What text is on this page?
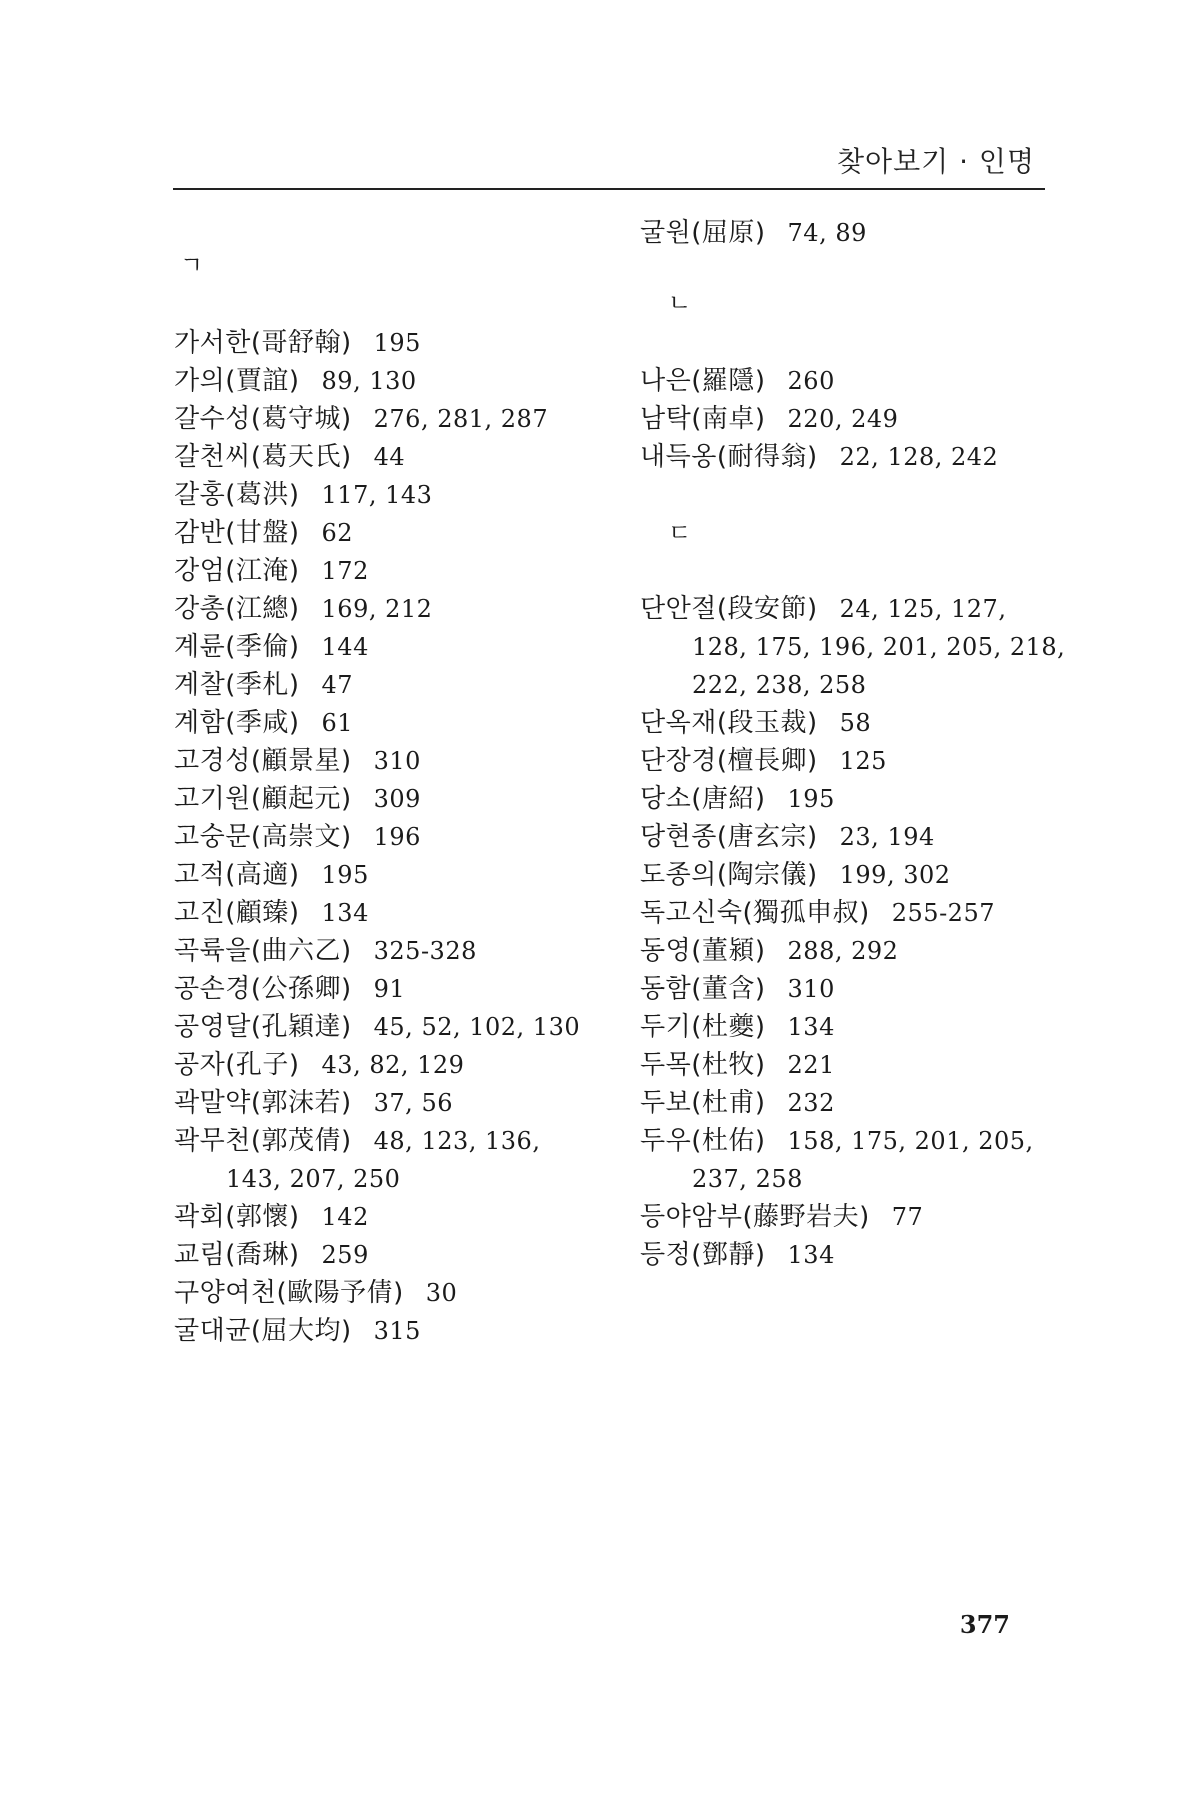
찾아보기 · 인명
ㄱ
가서한(哥舒翰) 195
가의(賈誼) 89, 130
갈수성(葛守城) 276, 281, 287
갈천씨(葛天氏) 44
갈홍(葛洪) 117, 143
감반(甘盤) 62
강엄(江淹) 172
강총(江總) 169, 212
계륜(季倫) 144
계찰(季札) 47
계함(季咸) 61
고경성(顧景星) 310
고기원(顧起元) 309
고숭문(高崇文) 196
고적(高適) 195
고진(顧臻) 134
곡륙을(曲六乙) 325-328
공손경(公孫卿) 91
공영달(孔穎達) 45, 52, 102, 130
공자(孔子) 43, 82, 129
곽말약(郭沫若) 37, 56
곽무천(郭茂倩) 48, 123, 136,
143, 207, 250
곽회(郭懷) 142
교림(喬琳) 259
구양여천(歐陽予倩) 30
굴대균(屈大均) 315
굴원(屈原) 74, 89
ㄴ
나은(羅隱) 260
남탁(南卓) 220, 249
내득옹(耐得翁) 22, 128, 242
ㄷ
단안절(段安節) 24, 125, 127,
128, 175, 196, 201, 205, 218,
222, 238, 258
단옥재(段玉裁) 58
단장경(檀長卿) 125
당소(唐紹) 195
당현종(唐玄宗) 23, 194
도종의(陶宗儀) 199, 302
독고신숙(獨孤申叔) 255-257
동영(董潁) 288, 292
동함(董含) 310
두기(杜夔) 134
두목(杜牧) 221
두보(杜甫) 232
두우(杜佑) 158, 175, 201, 205,
237, 258
등야암부(藤野岩夫) 77
등정(鄧靜) 134
377
